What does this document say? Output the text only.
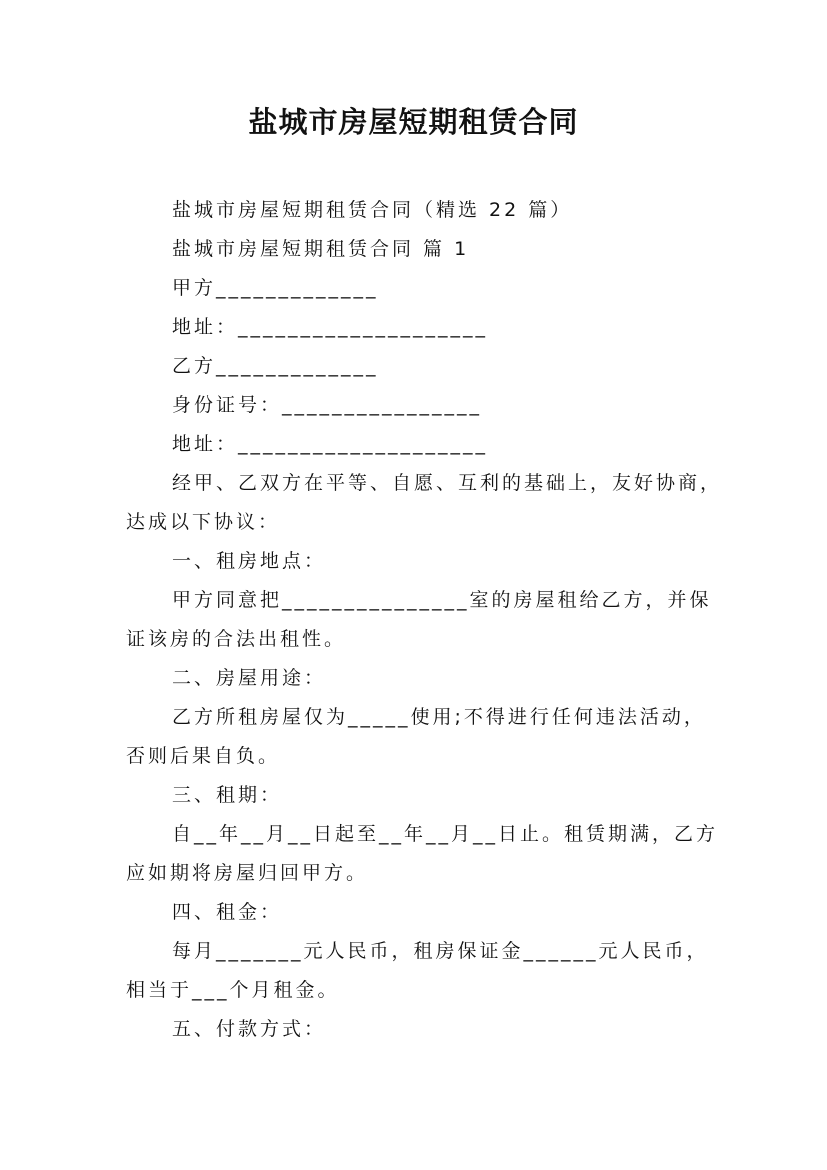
盐城市房屋短期租赁合同
盐城市房屋短期租赁合同（精选 22 篇）
盐城市房屋短期租赁合同 篇 1
甲方_____________
地址：____________________
乙方_____________
身份证号：________________
地址：____________________
经甲、乙双方在平等、自愿、互利的基础上，友好协商，
达成以下协议：
一、租房地点：
甲方同意把_______________室的房屋租给乙方，并保
证该房的合法出租性。
二、房屋用途：
乙方所租房屋仅为_____使用;不得进行任何违法活动，
否则后果自负。
三、租期：
自__年__月__日起至__年__月__日止。租赁期满，乙方
应如期将房屋归回甲方。
四、租金：
每月_______元人民币，租房保证金______元人民币，
相当于___个月租金。
五、付款方式：
